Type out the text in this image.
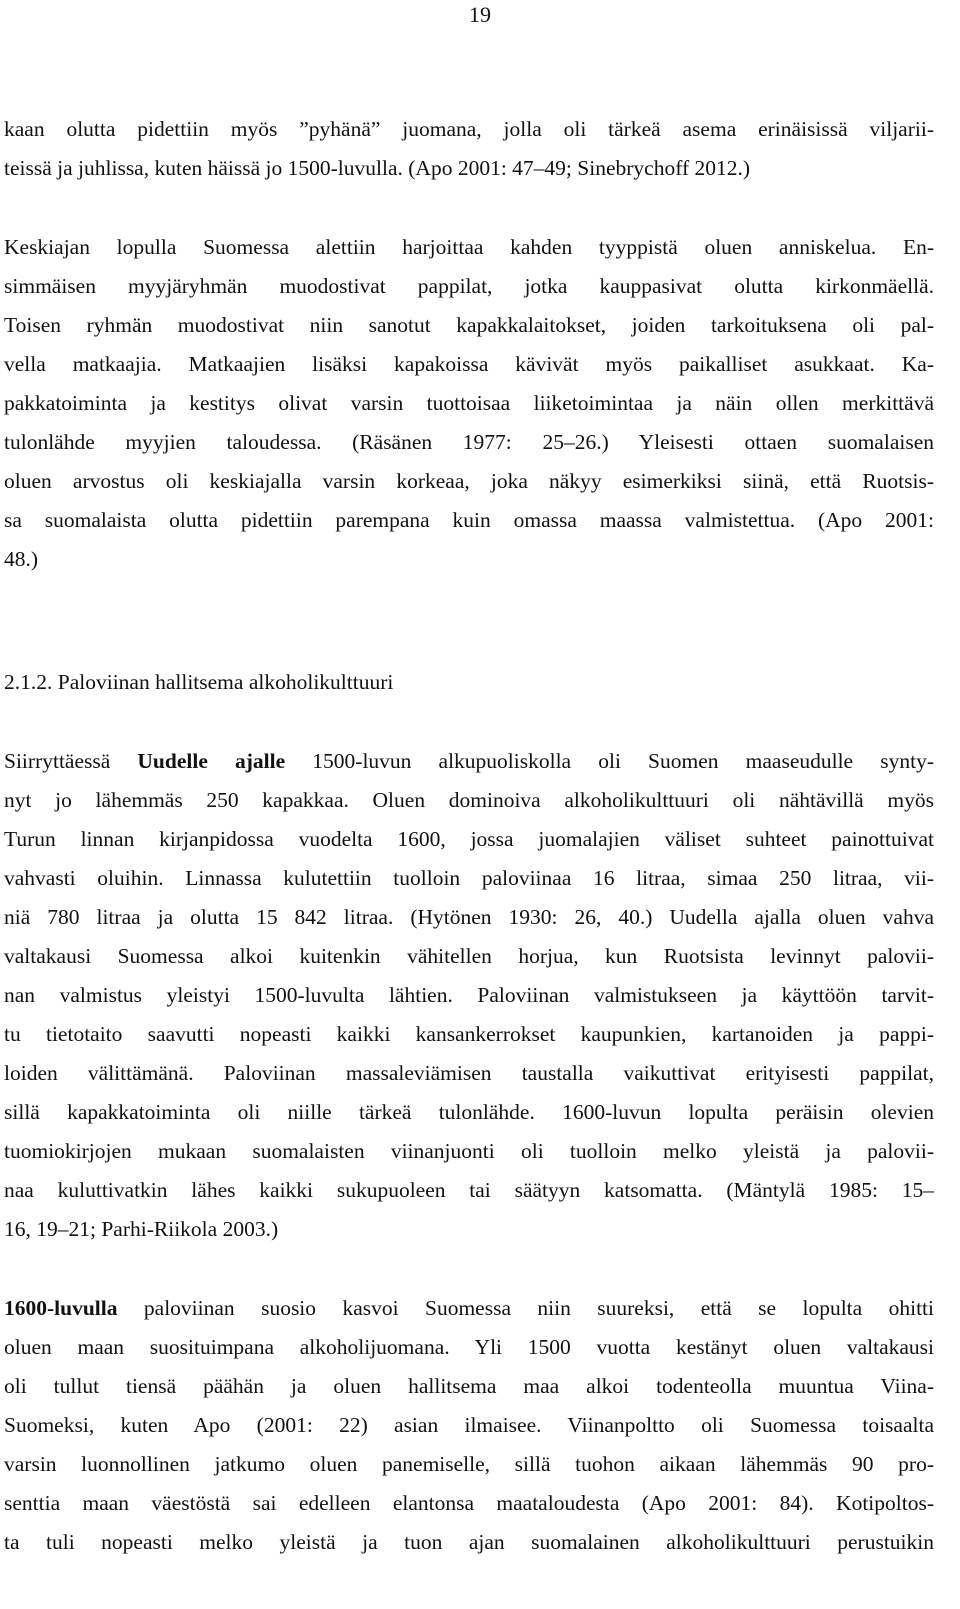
19
kaan olutta pidettiin myös ”pyhänä” juomana, jolla oli tärkeä asema erinäisissä viljarii-
teissä ja juhlissa, kuten häissä jo 1500-luvulla. (Apo 2001: 47–49; Sinebrychoff 2012.)
Keskiajan lopulla Suomessa alettiin harjoittaa kahden tyyppistä oluen anniskelua. En-
simmäisen myyjäryhmän muodostivat pappilat, jotka kauppasivat olutta kirkonmäellä.
Toisen ryhmän muodostivat niin sanotut kapakkalaitokset, joiden tarkoituksena oli pal-
vella matkaajia. Matkaajien lisäksi kapakoissa kävivät myös paikalliset asukkaat. Ka-
pakkatoiminta ja kestitys olivat varsin tuottoisaa liiketoimintaa ja näin ollen merkittävä
tulonlähde myyjien taloudessa. (Räsänen 1977: 25–26.) Yleisesti ottaen suomalaisen
oluen arvostus oli keskiajalla varsin korkeaa, joka näkyy esimerkiksi siinä, että Ruotsis-
sa suomalaista olutta pidettiin parempana kuin omassa maassa valmistettua. (Apo 2001:
48.)
2.1.2. Paloviinan hallitsema alkoholikulttuuri
Siirryttäessä Uudelle ajalle 1500-luvun alkupuoliskolla oli Suomen maaseudulle synty-
nyt jo lähemmäs 250 kapakkaa. Oluen dominoiva alkoholikulttuuri oli nähtävillä myös
Turun linnan kirjanpidossa vuodelta 1600, jossa juomalajien väliset suhteet painottuivat
vahvasti oluihin. Linnassa kulutettiin tuolloin paloviinaa 16 litraa, simaa 250 litraa, vii-
niä 780 litraa ja olutta 15 842 litraa. (Hytönen 1930: 26, 40.) Uudella ajalla oluen vahva
valtakausi Suomessa alkoi kuitenkin vähitellen horjua, kun Ruotsista levinnyt palovii-
nan valmistus yleistyi 1500-luvulta lähtien. Paloviinan valmistukseen ja käyttöön tarvit-
tu tietotaito saavutti nopeasti kaikki kansankerrokset kaupunkien, kartanoiden ja pappi-
loiden välittämänä. Paloviinan massaleviämisen taustalla vaikuttivat erityisesti pappilat,
sillä kapakkatoiminta oli niille tärkeä tulonlähde. 1600-luvun lopulta peräisin olevien
tuomiokirjojen mukaan suomalaisten viinanjuonti oli tuolloin melko yleistä ja palovii-
naa kuluttivatkin lähes kaikki sukupuoleen tai säätyyn katsomatta. (Mäntylä 1985: 15–
16, 19–21; Parhi-Riikola 2003.)
1600-luvulla paloviinan suosio kasvoi Suomessa niin suureksi, että se lopulta ohitti
oluen maan suosituimpana alkoholijuomana. Yli 1500 vuotta kestänyt oluen valtakausi
oli tullut tiensä päähän ja oluen hallitsema maa alkoi todenteolla muuntua Viina-
Suomeksi, kuten Apo (2001: 22) asian ilmaisee. Viinanpoltto oli Suomessa toisaalta
varsin luonnollinen jatkumo oluen panemiselle, sillä tuohon aikaan lähemmäs 90 pro-
senttia maan väestöstä sai edelleen elantonsa maataloudesta (Apo 2001: 84). Kotipoltos-
ta tuli nopeasti melko yleistä ja tuon ajan suomalainen alkoholikulttuuri perustuikin
